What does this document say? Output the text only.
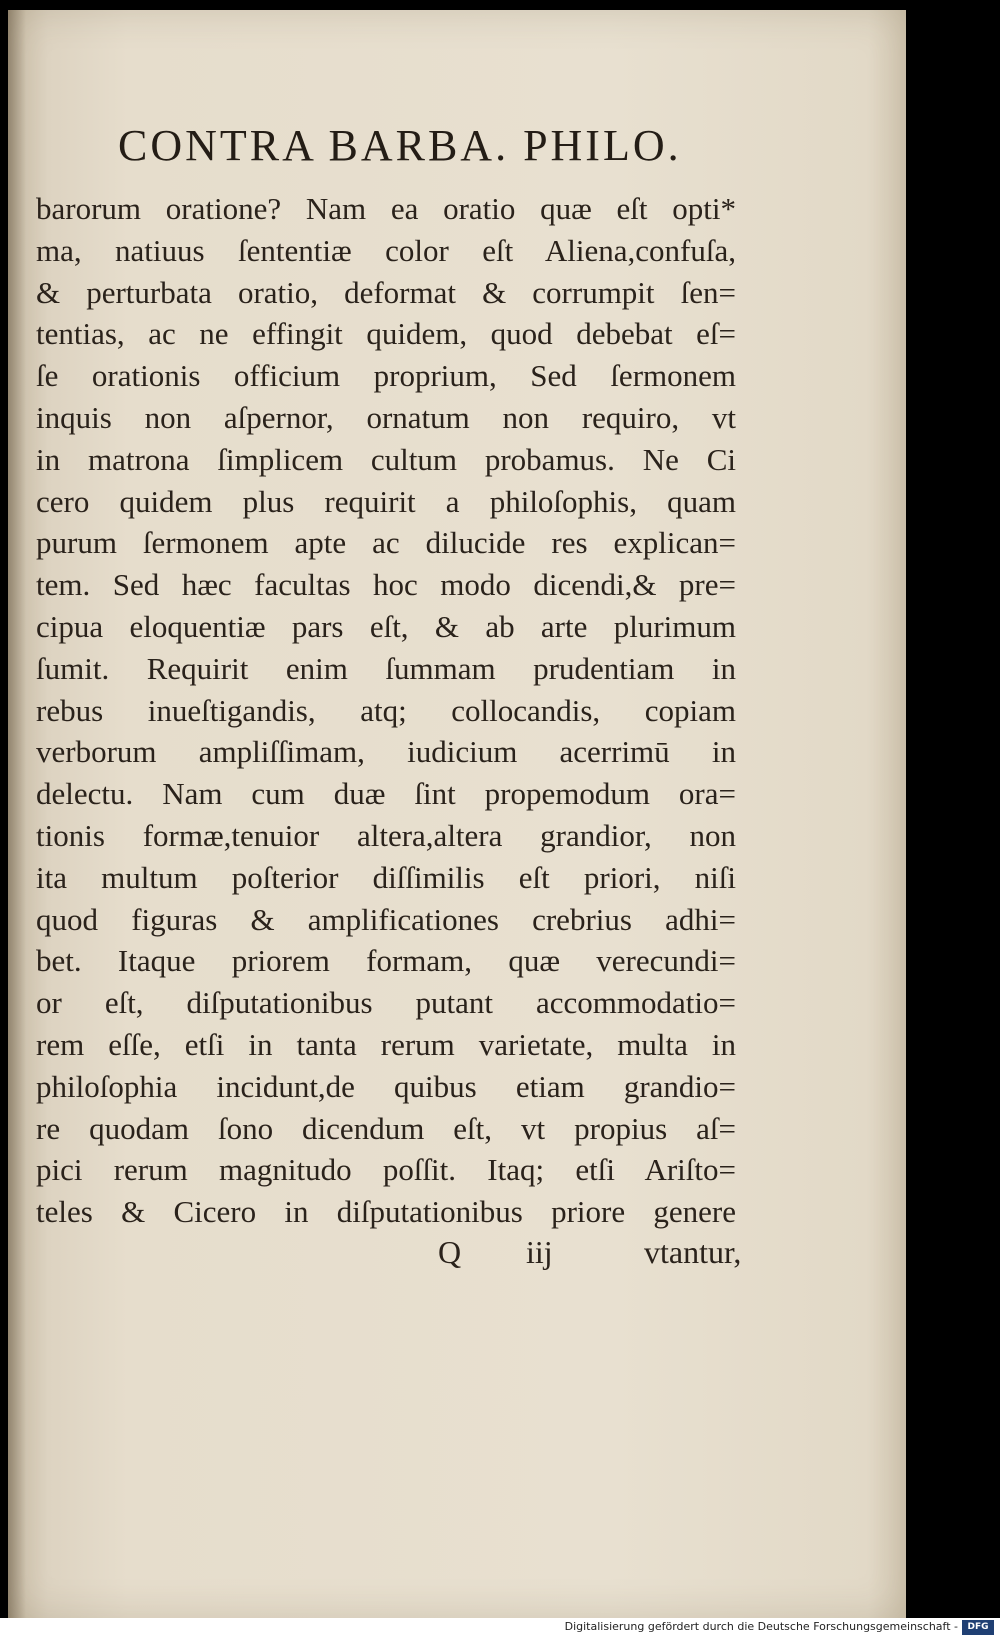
CONTRA BARBA. PHILO.
barorum oratione? Nam ea oratio quæ eſt opti*
ma, natiuus ſententiæ color eſt Aliena,confuſa,
& perturbata oratio, deformat & corrumpit ſen=
tentias, ac ne effingit quidem, quod debebat eſ=
ſe orationis officium proprium, Sed ſermonem
inquis non aſpernor, ornatum non requiro, vt
in matrona ſimplicem cultum probamus. Ne Ci
cero quidem plus requirit a philoſophis, quam
purum ſermonem apte ac dilucide res explican=
tem. Sed hæc facultas hoc modo dicendi,& pre=
cipua eloquentiæ pars eſt, & ab arte plurimum
ſumit. Requirit enim ſummam prudentiam in
rebus inueſtigandis, atq; collocandis, copiam
verborum ampliſſimam, iudicium acerrimū in
delectu. Nam cum duæ ſint propemodum ora=
tionis formæ,tenuior altera,altera grandior, non
ita multum poſterior diſſimilis eſt priori, niſi
quod figuras & amplificationes crebrius adhi=
bet. Itaque priorem formam, quæ verecundi=
or eſt, diſputationibus putant accommodatio=
rem eſſe, etſi in tanta rerum varietate, multa in
philoſophia incidunt,de quibus etiam grandio=
re quodam ſono dicendum eſt, vt propius aſ=
pici rerum magnitudo poſſit. Itaq; etſi Ariſto=
teles & Cicero in diſputationibus priore genere
Q iij	vtantur,
Digitalisierung gefördert durch die Deutsche Forschungsgemeinschaft -	DFG
